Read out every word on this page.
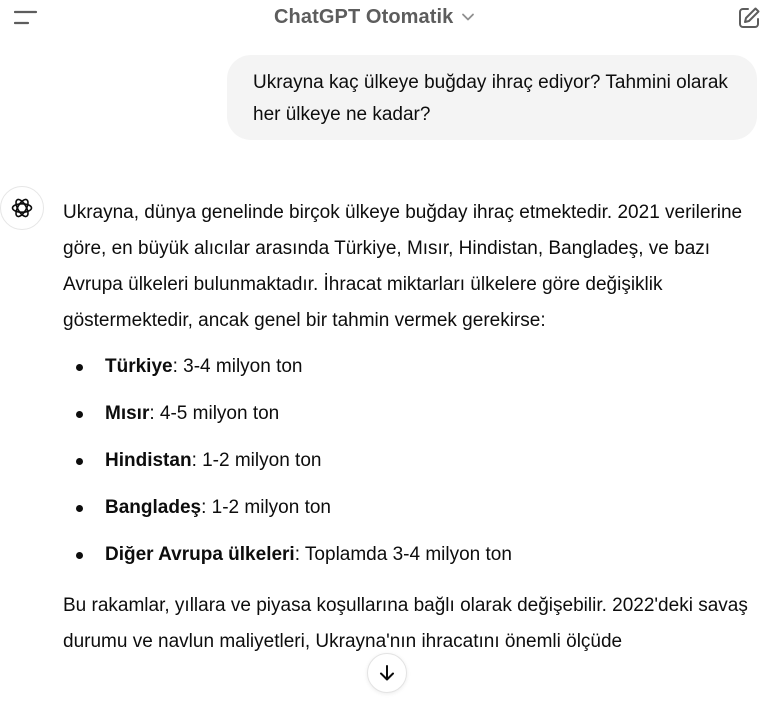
ChatGPT Otomatik
Ukrayna kaç ülkeye buğday ihraç ediyor? Tahmini olarak her ülkeye ne kadar?

Ukrayna, dünya genelinde birçok ülkeye buğday ihraç etmektedir. 2021 verilerine göre, en büyük alıcılar arasında Türkiye, Mısır, Hindistan, Bangladeş, ve bazı Avrupa ülkeleri bulunmaktadır. İhracat miktarları ülkelere göre değişiklik göstermektedir, ancak genel bir tahmin vermek gerekirse:

Türkiye: 3-4 milyon ton
Mısır: 4-5 milyon ton
Hindistan: 1-2 milyon ton
Bangladeş: 1-2 milyon ton
Diğer Avrupa ülkeleri: Toplamda 3-4 milyon ton

Bu rakamlar, yıllara ve piyasa koşullarına bağlı olarak değişebilir. 2022'deki savaş durumu ve navlun maliyetleri, Ukrayna'nın ihracatını önemli ölçüde
